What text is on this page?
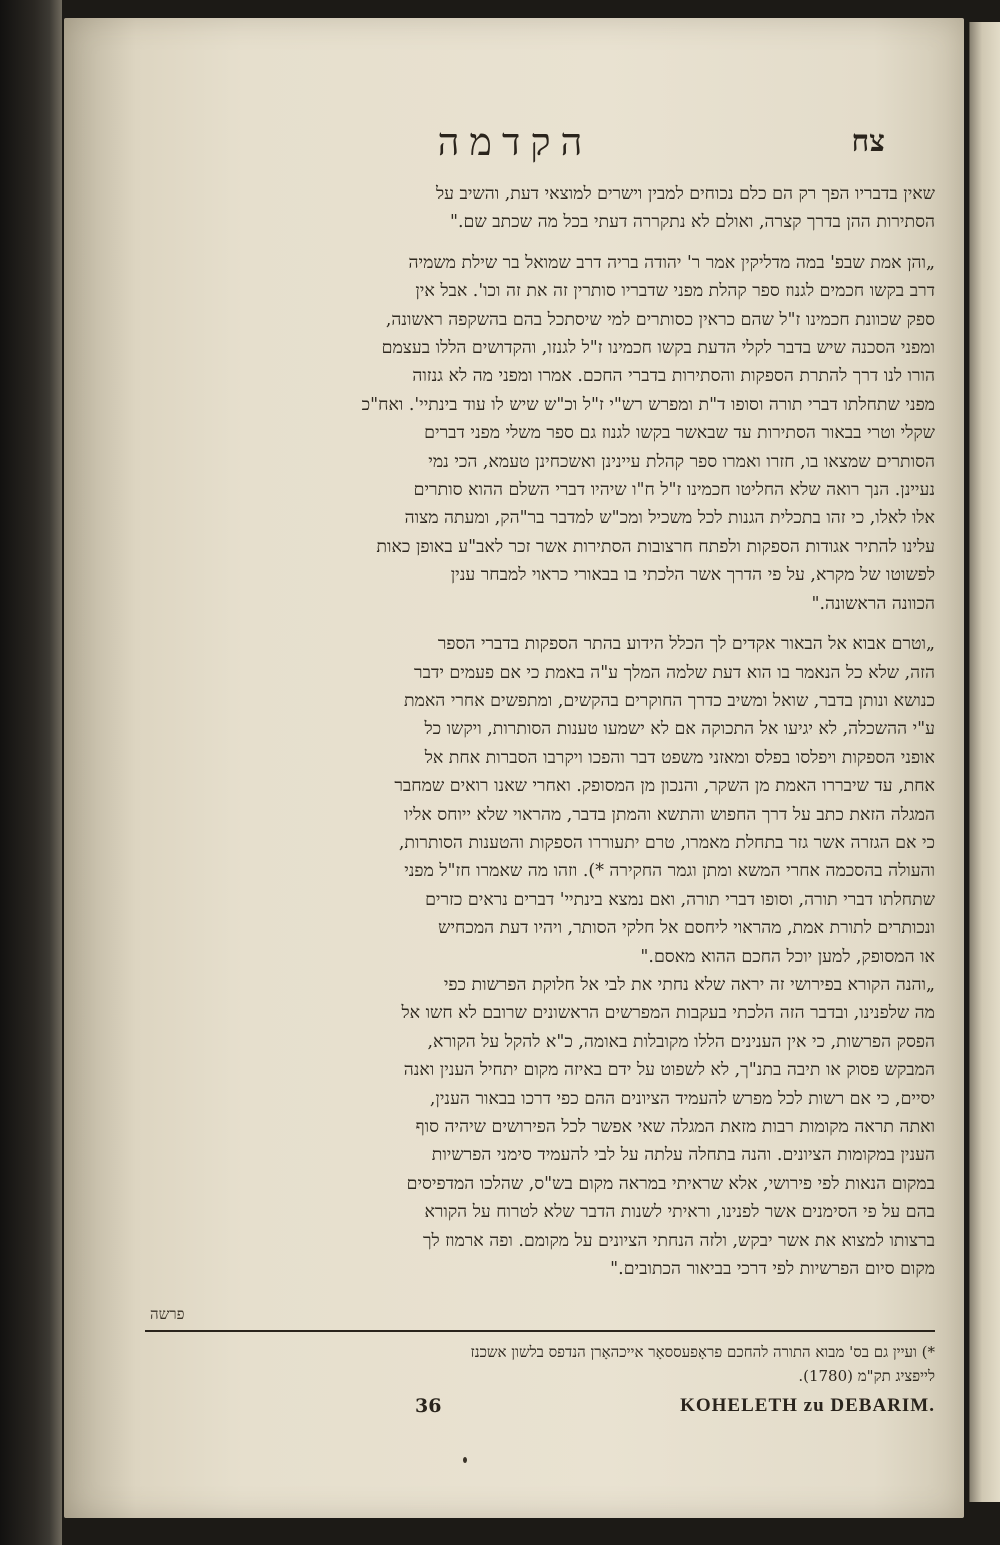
הקדמה	צח

שאין בדבריו הפך רק הם כלם נכוחים למבין וישרים למוצאי דעת, והשיב על
הסתירות ההן בדרך קצרה, ואולם לא נתקררה דעתי בכל מה שכתב שם."

„והן אמת שבפ' במה מדליקין אמר ר' יהודה בריה דרב שמואל בר שילת משמיה
דרב בקשו חכמים לגנוז ספר קהלת מפני שדבריו סותרין זה את זה וכו'. אבל אין
ספק שכוונת חכמינו ז"ל שהם כראין כסותרים למי שיסתכל בהם בהשקפה ראשונה,
ומפני הסכנה שיש בדבר לקלי הדעת בקשו חכמינו ז"ל לגנזו, והקדושים הללו בעצמם
הורו לנו דרך להתרת הספקות והסתירות בדברי החכם. אמרו ומפני מה לא גנזוה
מפני שתחלתו דברי תורה וסופו ד"ת ומפרש רש"י ז"ל וכ"ש שיש לו עוד בינתיי'. ואח"כ
שקלי וטרי בבאור הסתירות עד שבאשר בקשו לגנוז גם ספר משלי מפני דברים
הסותרים שמצאו בו, חזרו ואמרו ספר קהלת עיינינן ואשכחינן טעמא, הכי נמי
נעיינן. הנך רואה שלא החליטו חכמינו ז"ל ח"ו שיהיו דברי השלם ההוא סותרים
אלו לאלו, כי זהו בתכלית הגנות לכל משכיל ומכ"ש למדבר בר"הק, ומעתה מצוה
עלינו להתיר אגודות הספקות ולפתח חרצובות הסתירות אשר זכר לאב"ע באופן כאות
לפשוטו של מקרא, על פי הדרך אשר הלכתי בו בבאורי כראוי למבחר ענין
הכוונה הראשונה."

„וטרם אבוא אל הבאור אקדים לך הכלל הידוע בהתר הספקות בדברי הספר
הזה, שלא כל הנאמר בו הוא דעת שלמה המלך ע"ה באמת כי אם פעמים ידבר
כנושא ונותן בדבר, שואל ומשיב כדרך החוקרים בהקשים, ומתפשים אחרי האמת
ע"י ההשכלה, לא יגיעו אל התכוקה אם לא ישמעו טענות הסותרות, ויקשו כל
אופני הספקות ויפלסו בפלס ומאזני משפט דבר והפכו ויקרבו הסברות אחת אל
אחת, עד שיבררו האמת מן השקר, והנכון מן המסופק. ואחרי שאנו רואים שמחבר
המגלה הזאת כתב על דרך החפוש והתשא והמתן בדבר, מהראוי שלא ייוחס אליו
כי אם הגזרה אשר גזר בתחלת מאמרו, טרם יתעוררו הספקות והטענות הסותרות,
והעולה בהסכמה אחרי המשא ומתן וגמר החקירה *). וזהו מה שאמרו חז"ל מפני
שתחלתו דברי תורה, וסופו דברי תורה, ואם נמצא בינתיי' דברים נראים כזרים
ונכותרים לתורת אמת, מהראוי ליחסם אל חלקי הסותר, ויהיו דעת המכחיש
או המסופק, למען יוכל החכם ההוא מאסם."

„והנה הקורא בפירושי זה יראה שלא נחתי את לבי אל חלוקת הפרשות כפי
מה שלפנינו, ובדבר הזה הלכתי בעקבות המפרשים הראשונים שרובם לא חשו אל
הפסק הפרשות, כי אין הענינים הללו מקובלות באומה, כ"א להקל על הקורא,
המבקש פסוק או תיבה בתנ"ך, לא לשפוט על ידם באיזה מקום יתחיל הענין ואנה
יסיים, כי אם רשות לכל מפרש להעמיד הציונים ההם כפי דרכו בבאור הענין,
ואתה תראה מקומות רבות מזאת המגלה שאי אפשר לכל הפירושים שיהיה סוף
הענין במקומות הציונים. והנה בתחלה עלתה על לבי להעמיד סימני הפרשיות
במקום הנאות לפי פירושי, אלא שראיתי במראה מקום בש"ס, שהלכו המדפיסים
בהם על פי הסימנים אשר לפנינו, וראיתי לשנות הדבר שלא לטרוח על הקורא
ברצותו למצוא את אשר יבקש, ולזה הנחתי הציונים על מקומם. ופה ארמוז לך
מקום סיום הפרשיות לפי דרכי בביאור הכתובים."

פרשה
*) ועיין גם בס' מבוא התורה להחכם פראָפעססאָר אייכהאָרן הנדפס בלשון אשכנז
לייפציג תק"מ (1780).
36	KOHELETH zu DEBARIM.
